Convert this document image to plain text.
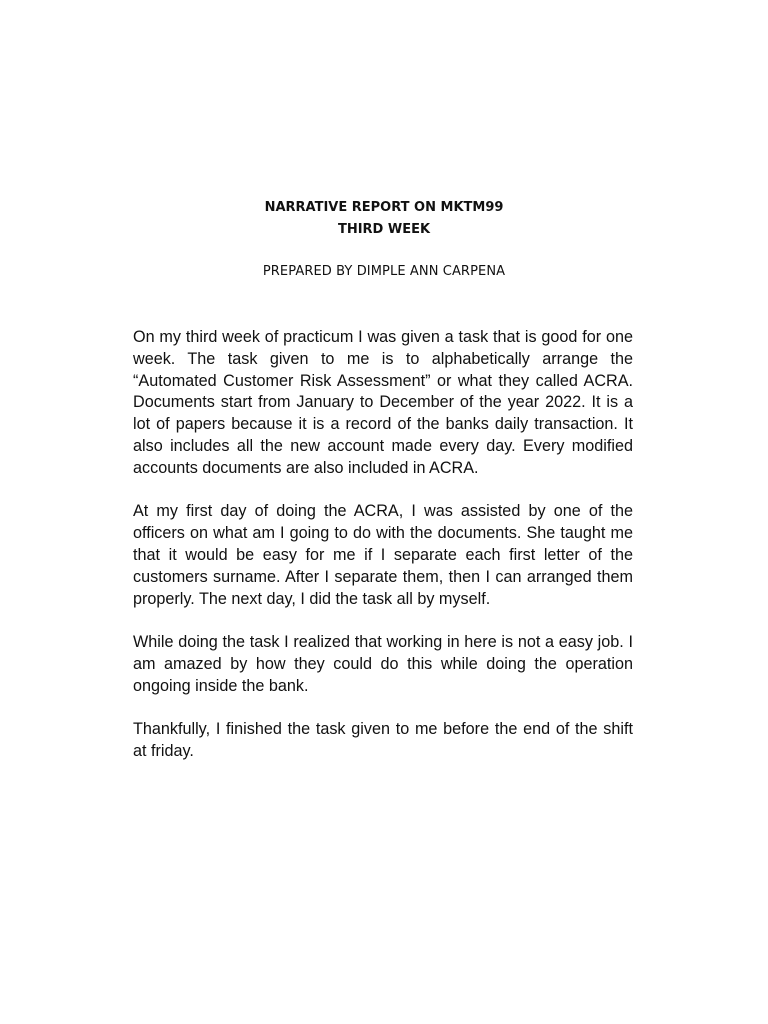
NARRATIVE REPORT ON MKTM99
THIRD WEEK
PREPARED BY DIMPLE ANN CARPENA

On my third week of practicum I was given a task that is good for one week. The task given to me is to alphabetically arrange the “Automated Customer Risk Assessment” or what they called ACRA. Documents start from January to December of the year 2022. It is a lot of papers because it is a record of the banks daily transaction. It also includes all the new account made every day. Every modified accounts documents are also included in ACRA.

At my first day of doing the ACRA, I was assisted by one of the officers on what am I going to do with the documents. She taught me that it would be easy for me if I separate each first letter of the customers surname. After I separate them, then I can arranged them properly. The next day, I did the task all by myself.

While doing the task I realized that working in here is not a easy job. I am amazed by how they could do this while doing the operation ongoing inside the bank.

Thankfully, I finished the task given to me before the end of the shift at friday.
